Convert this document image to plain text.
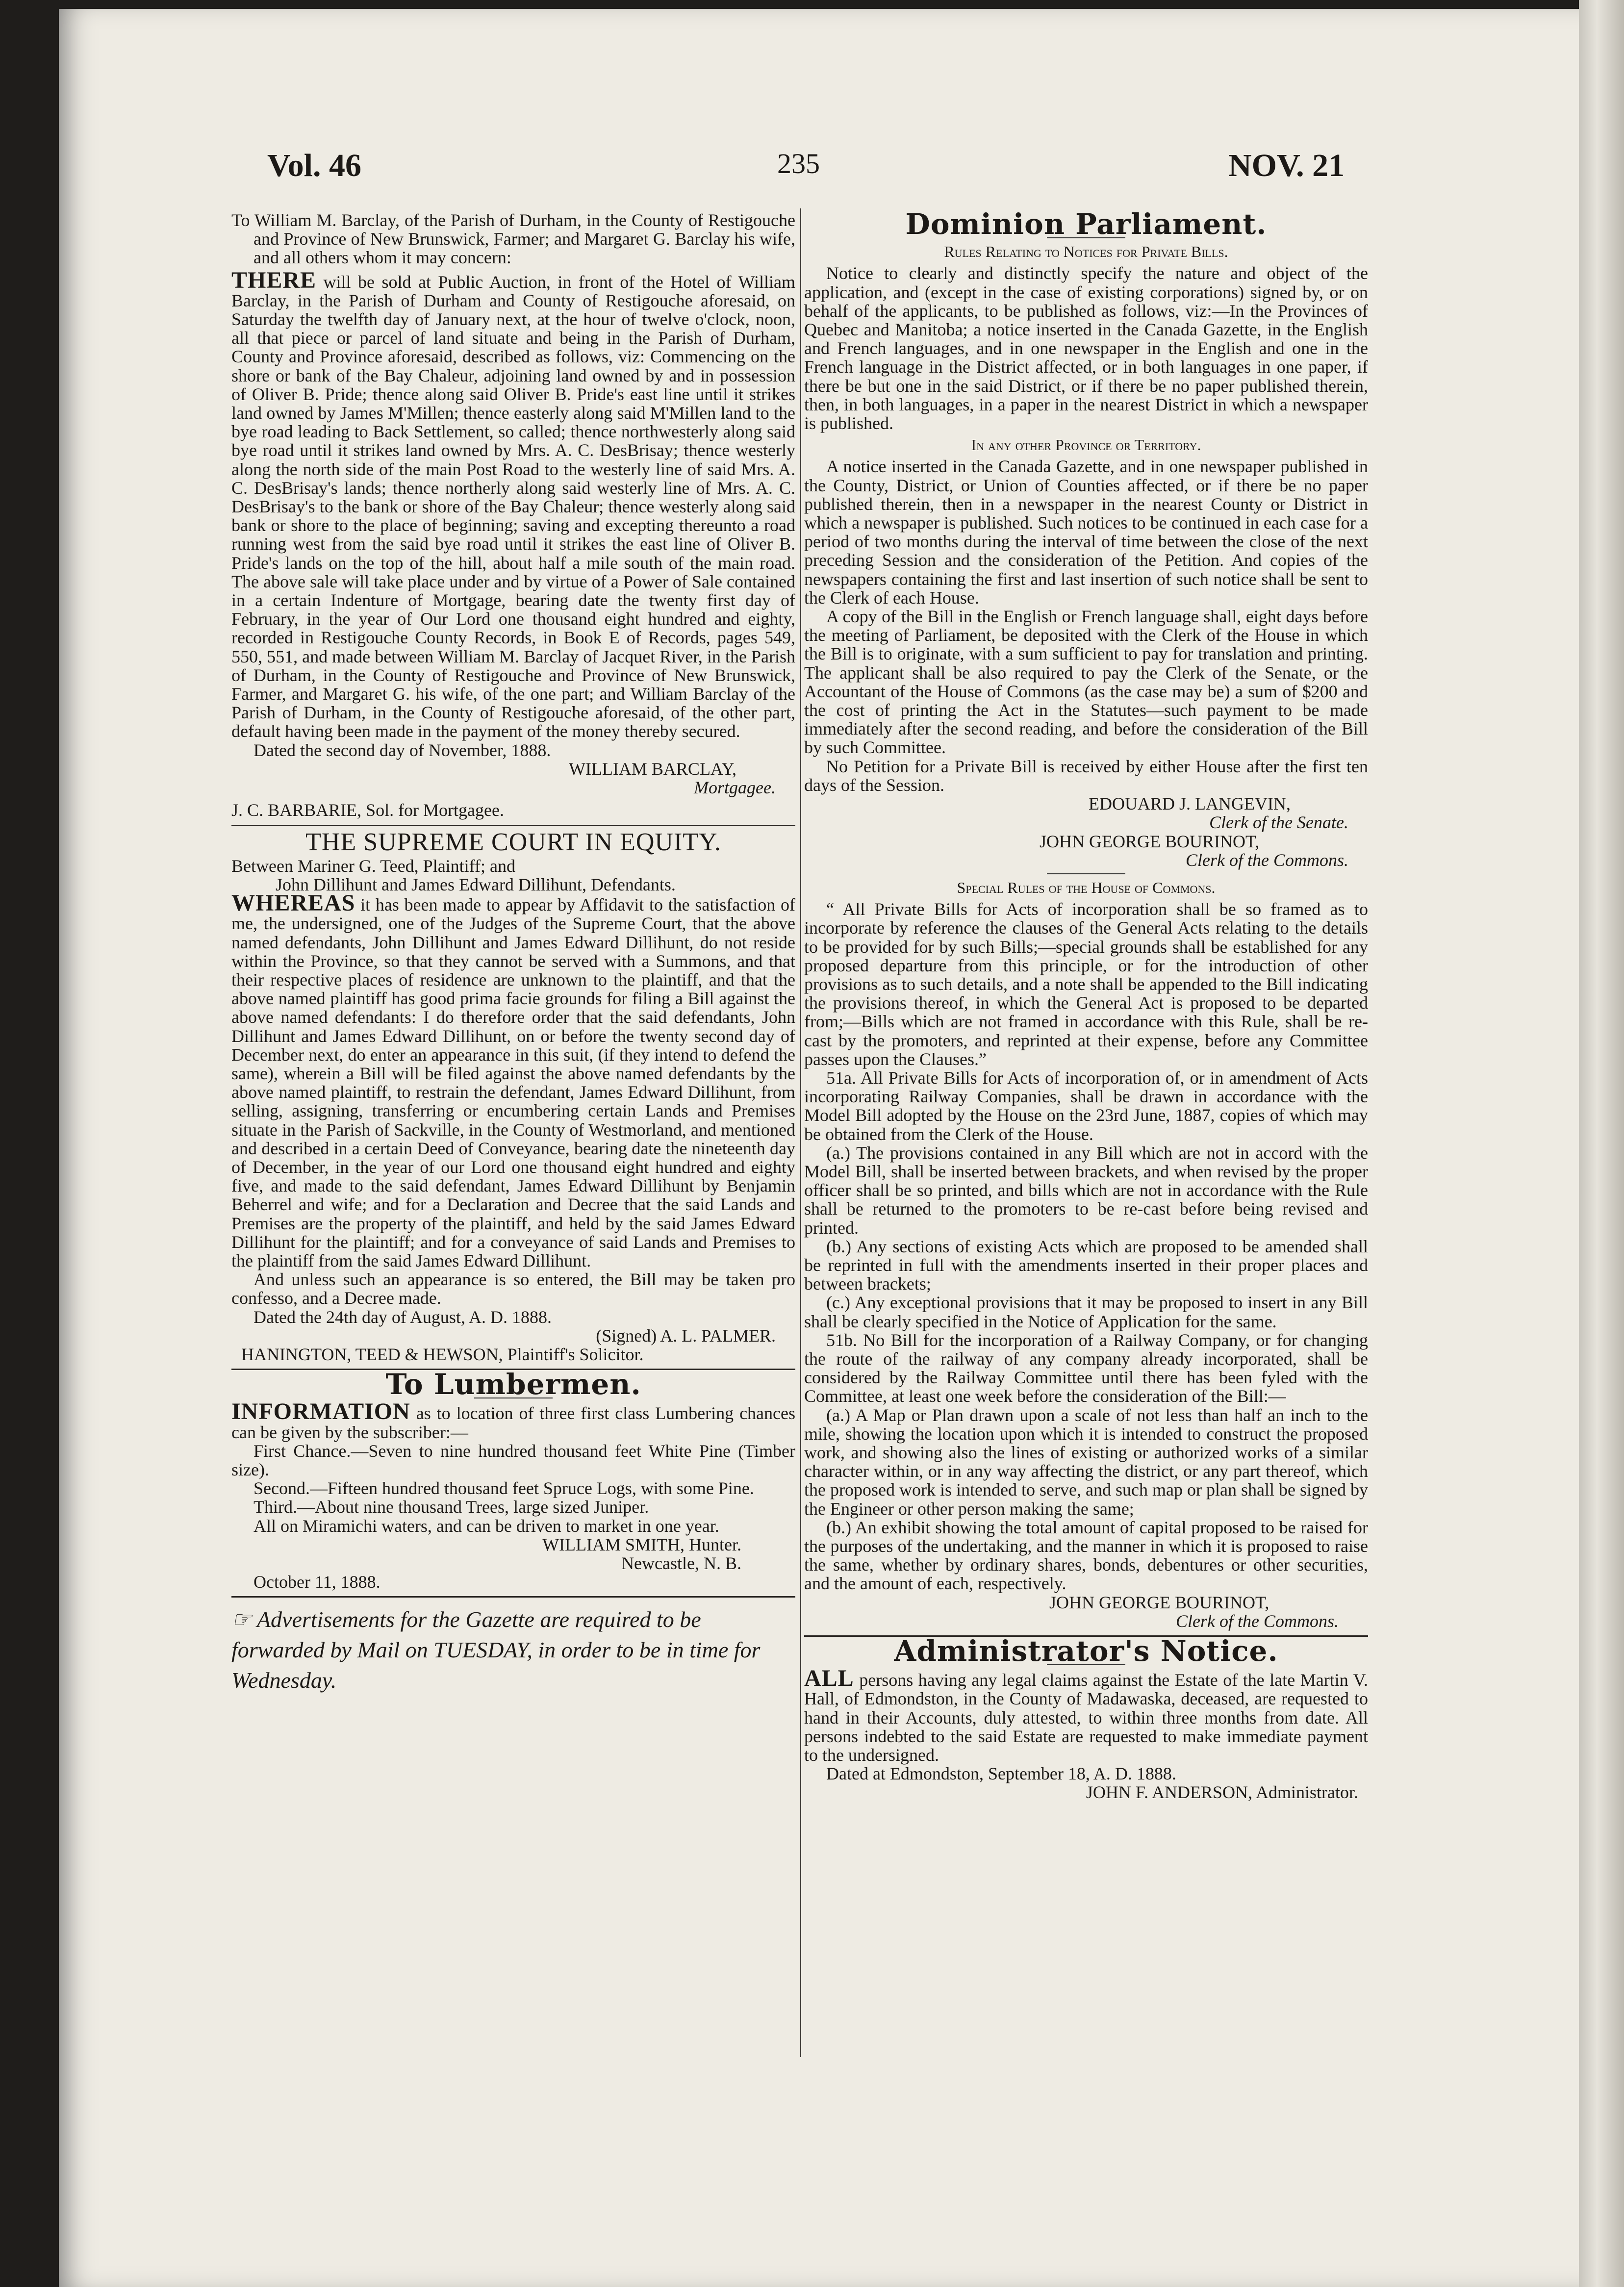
Vol. 46	235	NOV. 21

To William M. Barclay, of the Parish of Durham, in the County of Restigouche and Province of New Brunswick, Farmer; and Margaret G. Barclay his wife, and all others whom it may concern:

THERE will be sold at Public Auction, in front of the Hotel of William Barclay, in the Parish of Durham and County of Restigouche aforesaid, on Saturday the twelfth day of January next, at the hour of twelve o'clock, noon, all that piece or parcel of land situate and being in the Parish of Durham, County and Province aforesaid, described as follows, viz: Commencing on the shore or bank of the Bay Chaleur, adjoining land owned by and in possession of Oliver B. Pride; thence along said Oliver B. Pride's east line until it strikes land owned by James M'Millen; thence easterly along said M'Millen land to the bye road leading to Back Settlement, so called; thence northwesterly along said bye road until it strikes land owned by Mrs. A. C. DesBrisay; thence westerly along the north side of the main Post Road to the westerly line of said Mrs. A. C. DesBrisay's lands; thence northerly along said westerly line of Mrs. A. C. DesBrisay's to the bank or shore of the Bay Chaleur; thence westerly along said bank or shore to the place of beginning; saving and excepting thereunto a road running west from the said bye road until it strikes the east line of Oliver B. Pride's lands on the top of the hill, about half a mile south of the main road. The above sale will take place under and by virtue of a Power of Sale contained in a certain Indenture of Mortgage, bearing date the twenty first day of February, in the year of Our Lord one thousand eight hundred and eighty, recorded in Restigouche County Records, in Book E of Records, pages 549, 550, 551, and made between William M. Barclay of Jacquet River, in the Parish of Durham, in the County of Restigouche and Province of New Brunswick, Farmer, and Margaret G. his wife, of the one part; and William Barclay of the Parish of Durham, in the County of Restigouche aforesaid, of the other part, default having been made in the payment of the money thereby secured.

Dated the second day of November, 1888.

WILLIAM BARCLAY,

Mortgagee.

J. C. BARBARIE, Sol. for Mortgagee.

THE SUPREME COURT IN EQUITY.

Between Mariner G. Teed, Plaintiff; and

John Dillihunt and James Edward Dillihunt, Defendants.

WHEREAS it has been made to appear by Affidavit to the satisfaction of me, the undersigned, one of the Judges of the Supreme Court, that the above named defendants, John Dillihunt and James Edward Dillihunt, do not reside within the Province, so that they cannot be served with a Summons, and that their respective places of residence are unknown to the plaintiff, and that the above named plaintiff has good prima facie grounds for filing a Bill against the above named defendants: I do therefore order that the said defendants, John Dillihunt and James Edward Dillihunt, on or before the twenty second day of December next, do enter an appearance in this suit, (if they intend to defend the same), wherein a Bill will be filed against the above named defendants by the above named plaintiff, to restrain the defendant, James Edward Dillihunt, from selling, assigning, transferring or encumbering certain Lands and Premises situate in the Parish of Sackville, in the County of Westmorland, and mentioned and described in a certain Deed of Conveyance, bearing date the nineteenth day of December, in the year of our Lord one thousand eight hundred and eighty five, and made to the said defendant, James Edward Dillihunt by Benjamin Beherrel and wife; and for a Declaration and Decree that the said Lands and Premises are the property of the plaintiff, and held by the said James Edward Dillihunt for the plaintiff; and for a conveyance of said Lands and Premises to the plaintiff from the said James Edward Dillihunt.

And unless such an appearance is so entered, the Bill may be taken pro confesso, and a Decree made.

Dated the 24th day of August, A. D. 1888.

(Signed) A. L. PALMER.

HANINGTON, TEED & HEWSON, Plaintiff's Solicitor.

To Lumbermen.

INFORMATION as to location of three first class Lumbering chances can be given by the subscriber:—

First Chance.—Seven to nine hundred thousand feet White Pine (Timber size).

Second.—Fifteen hundred thousand feet Spruce Logs, with some Pine.

Third.—About nine thousand Trees, large sized Juniper.

All on Miramichi waters, and can be driven to market in one year.

WILLIAM SMITH, Hunter.

Newcastle, N. B.

October 11, 1888.

☞ Advertisements for the Gazette are required to be forwarded by Mail on TUESDAY, in order to be in time for Wednesday.

Dominion Parliament.
Rules Relating to Notices for Private Bills.

Notice to clearly and distinctly specify the nature and object of the application, and (except in the case of existing corporations) signed by, or on behalf of the applicants, to be published as follows, viz:—In the Provinces of Quebec and Manitoba; a notice inserted in the Canada Gazette, in the English and French languages, and in one newspaper in the English and one in the French language in the District affected, or in both languages in one paper, if there be but one in the said District, or if there be no paper published therein, then, in both languages, in a paper in the nearest District in which a newspaper is published.

In any other Province or Territory.

A notice inserted in the Canada Gazette, and in one newspaper published in the County, District, or Union of Counties affected, or if there be no paper published therein, then in a newspaper in the nearest County or District in which a newspaper is published. Such notices to be continued in each case for a period of two months during the interval of time between the close of the next preceding Session and the consideration of the Petition. And copies of the newspapers containing the first and last insertion of such notice shall be sent to the Clerk of each House.

A copy of the Bill in the English or French language shall, eight days before the meeting of Parliament, be deposited with the Clerk of the House in which the Bill is to originate, with a sum sufficient to pay for translation and printing. The applicant shall be also required to pay the Clerk of the Senate, or the Accountant of the House of Commons (as the case may be) a sum of $200 and the cost of printing the Act in the Statutes—such payment to be made immediately after the second reading, and before the consideration of the Bill by such Committee.

No Petition for a Private Bill is received by either House after the first ten days of the Session.

EDOUARD J. LANGEVIN,

Clerk of the Senate.

JOHN GEORGE BOURINOT,

Clerk of the Commons.

Special Rules of the House of Commons.

“ All Private Bills for Acts of incorporation shall be so framed as to incorporate by reference the clauses of the General Acts relating to the details to be provided for by such Bills;—special grounds shall be established for any proposed departure from this principle, or for the introduction of other provisions as to such details, and a note shall be appended to the Bill indicating the provisions thereof, in which the General Act is proposed to be departed from;—Bills which are not framed in accordance with this Rule, shall be re-cast by the promoters, and reprinted at their expense, before any Committee passes upon the Clauses.”

51a. All Private Bills for Acts of incorporation of, or in amendment of Acts incorporating Railway Companies, shall be drawn in accordance with the Model Bill adopted by the House on the 23rd June, 1887, copies of which may be obtained from the Clerk of the House.

(a.) The provisions contained in any Bill which are not in accord with the Model Bill, shall be inserted between brackets, and when revised by the proper officer shall be so printed, and bills which are not in accordance with the Rule shall be returned to the promoters to be re-cast before being revised and printed.

(b.) Any sections of existing Acts which are proposed to be amended shall be reprinted in full with the amendments inserted in their proper places and between brackets;

(c.) Any exceptional provisions that it may be proposed to insert in any Bill shall be clearly specified in the Notice of Application for the same.

51b. No Bill for the incorporation of a Railway Company, or for changing the route of the railway of any company already incorporated, shall be considered by the Railway Committee until there has been fyled with the Committee, at least one week before the consideration of the Bill:—

(a.) A Map or Plan drawn upon a scale of not less than half an inch to the mile, showing the location upon which it is intended to construct the proposed work, and showing also the lines of existing or authorized works of a similar character within, or in any way affecting the district, or any part thereof, which the proposed work is intended to serve, and such map or plan shall be signed by the Engineer or other person making the same;

(b.) An exhibit showing the total amount of capital proposed to be raised for the purposes of the undertaking, and the manner in which it is proposed to raise the same, whether by ordinary shares, bonds, debentures or other securities, and the amount of each, respectively.

JOHN GEORGE BOURINOT,

Clerk of the Commons.

Administrator's Notice.

ALL persons having any legal claims against the Estate of the late Martin V. Hall, of Edmondston, in the County of Madawaska, deceased, are requested to hand in their Accounts, duly attested, to within three months from date. All persons indebted to the said Estate are requested to make immediate payment to the undersigned.

Dated at Edmondston, September 18, A. D. 1888.

JOHN F. ANDERSON, Administrator.
